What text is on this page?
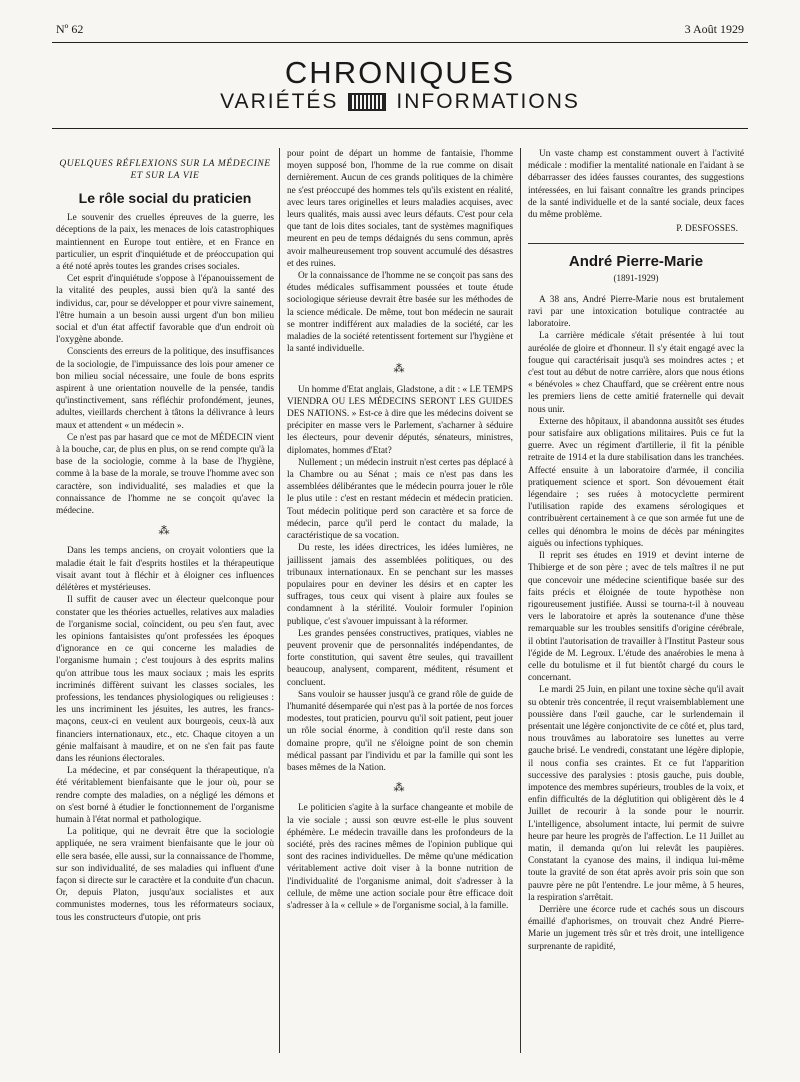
Nº 62	3 Août 1929
CHRONIQUES
VARIÉTÉS	INFORMATIONS
QUELQUES RÉFLEXIONS SUR LA MÉDECINE ET SUR LA VIE
Le rôle social du praticien

Le souvenir des cruelles épreuves de la guerre, les déceptions de la paix, les menaces de lois catastrophiques maintiennent en Europe tout entière, et en France en particulier, un esprit d'inquiétude et de préoccupation qui a été noté après toutes les grandes crises sociales.

Cet esprit d'inquiétude s'oppose à l'épanouissement de la vitalité des peuples, aussi bien qu'à la santé des individus, car, pour se développer et pour vivre sainement, l'être humain a un besoin aussi urgent d'un bon milieu social et d'un état affectif favorable que d'un endroit où l'oxygène abonde.

Conscients des erreurs de la politique, des insuffisances de la sociologie, de l'impuissance des lois pour amener ce bon milieu social nécessaire, une foule de bons esprits aspirent à une orientation nouvelle de la pensée, tandis qu'instinctivement, sans réfléchir profondément, jeunes, adultes, vieillards cherchent à tâtons la délivrance à leurs maux et attendent « un médecin ».

Ce n'est pas par hasard que ce mot de MÉDECIN vient à la bouche, car, de plus en plus, on se rend compte qu'à la base de la sociologie, comme à la base de l'hygiène, comme à la base de la morale, se trouve l'homme avec son caractère, son individualité, ses maladies et que la connaissance de l'homme ne se conçoit qu'avec la médecine.

⁂

Dans les temps anciens, on croyait volontiers que la maladie était le fait d'esprits hostiles et la thérapeutique visait avant tout à fléchir et à éloigner ces influences délétères et mystérieuses.

Il suffit de causer avec un électeur quelconque pour constater que les théories actuelles, relatives aux maladies de l'organisme social, coïncident, ou peu s'en faut, avec les opinions fantaisistes qu'ont professées les époques d'ignorance en ce qui concerne les maladies de l'organisme humain ; c'est toujours à des esprits malins qu'on attribue tous les maux sociaux ; mais les esprits incriminés diffèrent suivant les classes sociales, les professions, les tendances physiologiques ou religieuses : les uns incriminent les jésuites, les autres, les francs-maçons, ceux-ci en veulent aux bourgeois, ceux-là aux financiers internationaux, etc., etc. Chaque citoyen a un génie malfaisant à maudire, et on ne s'en fait pas faute dans les réunions électorales.

La médecine, et par conséquent la thérapeutique, n'a été véritablement bienfaisante que le jour où, pour se rendre compte des maladies, on a négligé les démons et on s'est borné à étudier le fonctionnement de l'organisme humain à l'état normal et pathologique.

La politique, qui ne devrait être que la sociologie appliquée, ne sera vraiment bienfaisante que le jour où elle sera basée, elle aussi, sur la connaissance de l'homme, sur son individualité, de ses maladies qui influent d'une façon si directe sur le caractère et la conduite d'un chacun. Or, depuis Platon, jusqu'aux socialistes et aux communistes modernes, tous les réformateurs sociaux, tous les constructeurs d'utopie, ont pris

pour point de départ un homme de fantaisie, l'homme moyen supposé bon, l'homme de la rue comme on disait dernièrement. Aucun de ces grands politiques de la chimère ne s'est préoccupé des hommes tels qu'ils existent en réalité, avec leurs tares originelles et leurs maladies acquises, avec leurs qualités, mais aussi avec leurs défauts. C'est pour cela que tant de lois dites sociales, tant de systèmes magnifiques meurent en peu de temps dédaignés du sens commun, après avoir malheureusement trop souvent accumulé des désastres et des ruines.

Or la connaissance de l'homme ne se conçoit pas sans des études médicales suffisamment poussées et toute étude sociologique sérieuse devrait être basée sur les méthodes de la science médicale. De même, tout bon médecin ne saurait se montrer indifférent aux maladies de la société, car les maladies de la société retentissent fortement sur l'hygiène et la santé individuelle.

⁂

Un homme d'Etat anglais, Gladstone, a dit : « LE TEMPS VIENDRA OU LES MÉDECINS SERONT LES GUIDES DES NATIONS. » Est-ce à dire que les médecins doivent se précipiter en masse vers le Parlement, s'acharner à séduire les électeurs, pour devenir députés, sénateurs, ministres, diplomates, hommes d'Etat?

Nullement ; un médecin instruit n'est certes pas déplacé à la Chambre ou au Sénat ; mais ce n'est pas dans les assemblées délibérantes que le médecin pourra jouer le rôle le plus utile : c'est en restant médecin et médecin praticien. Tout médecin politique perd son caractère et sa force de médecin, parce qu'il perd le contact du malade, la caractéristique de sa vocation.

Du reste, les idées directrices, les idées lumières, ne jaillissent jamais des assemblées politiques, ou des tribunaux internationaux. En se penchant sur les masses populaires pour en deviner les désirs et en capter les suffrages, tous ceux qui visent à plaire aux foules se condamnent à la stérilité. Vouloir formuler l'opinion publique, c'est s'avouer impuissant à la réformer.

Les grandes pensées constructives, pratiques, viables ne peuvent provenir que de personnalités indépendantes, de forte constitution, qui savent être seules, qui travaillent beaucoup, analysent, comparent, méditent, résument et concluent.

Sans vouloir se hausser jusqu'à ce grand rôle de guide de l'humanité désemparée qui n'est pas à la portée de nos forces modestes, tout praticien, pourvu qu'il soit patient, peut jouer un rôle social énorme, à condition qu'il reste dans son domaine propre, qu'il ne s'éloigne point de son chemin médical passant par l'individu et par la famille qui sont les bases mêmes de la Nation.

⁂

Le politicien s'agite à la surface changeante et mobile de la vie sociale ; aussi son œuvre est-elle le plus souvent éphémère. Le médecin travaille dans les profondeurs de la société, près des racines mêmes de l'opinion publique qui sont des racines individuelles. De même qu'une médication véritablement active doit viser à la bonne nutrition de l'individualité de l'organisme animal, doit s'adresser à la cellule, de même une action sociale pour être efficace doit s'adresser à la « cellule » de l'organisme social, à la famille.

Un vaste champ est constamment ouvert à l'activité médicale : modifier la mentalité nationale en l'aidant à se débarrasser des idées fausses courantes, des suggestions intéressées, en lui faisant connaître les grands principes de la santé individuelle et de la santé sociale, deux faces du même problème.

P. DESFOSSES.
André Pierre-Marie
(1891-1929)

A 38 ans, André Pierre-Marie nous est brutalement ravi par une intoxication botulique contractée au laboratoire.

La carrière médicale s'était présentée à lui tout auréolée de gloire et d'honneur. Il s'y était engagé avec la fougue qui caractérisait jusqu'à ses moindres actes ; et c'est tout au début de notre carrière, alors que nous étions « bénévoles » chez Chauffard, que se créèrent entre nous les premiers liens de cette amitié fraternelle qui devait nous unir.

Externe des hôpitaux, il abandonna aussitôt ses études pour satisfaire aux obligations militaires. Puis ce fut la guerre. Avec un régiment d'artillerie, il fit la pénible retraite de 1914 et la dure stabilisation dans les tranchées. Affecté ensuite à un laboratoire d'armée, il concilia pratiquement science et sport. Son dévouement était légendaire ; ses ruées à motocyclette permirent l'utilisation rapide des examens sérologiques et contribuèrent certainement à ce que son armée fut une de celles qui dénombra le moins de décès par méningites aiguës ou infections typhiques.

Il reprit ses études en 1919 et devint interne de Thibierge et de son père ; avec de tels maîtres il ne put que concevoir une médecine scientifique basée sur des faits précis et éloignée de toute hypothèse non rigoureusement justifiée. Aussi se tourna-t-il à nouveau vers le laboratoire et après la soutenance d'une thèse remarquable sur les troubles sensitifs d'origine cérébrale, il obtint l'autorisation de travailler à l'Institut Pasteur sous l'égide de M. Legroux. L'étude des anaérobies le mena à celle du botulisme et il fut bientôt chargé du cours le concernant.

Le mardi 25 Juin, en pilant une toxine sèche qu'il avait su obtenir très concentrée, il reçut vraisemblablement une poussière dans l'œil gauche, car le surlendemain il présentait une légère conjonctivite de ce côté et, plus tard, nous trouvâmes au laboratoire ses lunettes au verre gauche brisé. Le vendredi, constatant une légère diplopie, il nous confia ses craintes. Et ce fut l'apparition successive des paralysies : ptosis gauche, puis double, impotence des membres supérieurs, troubles de la voix, et enfin difficultés de la déglutition qui obligèrent dès le 4 Juillet de recourir à la sonde pour le nourrir. L'intelligence, absolument intacte, lui permit de suivre heure par heure les progrès de l'affection. Le 11 Juillet au matin, il demanda qu'on lui relevât les paupières. Constatant la cyanose des mains, il indiqua lui-même toute la gravité de son état après avoir pris soin que son pauvre père ne pût l'entendre. Le jour même, à 5 heures, la respiration s'arrêtait.

Derrière une écorce rude et cachés sous un discours émaillé d'aphorismes, on trouvait chez André Pierre-Marie un jugement très sûr et très droit, une intelligence surprenante de rapidité,
